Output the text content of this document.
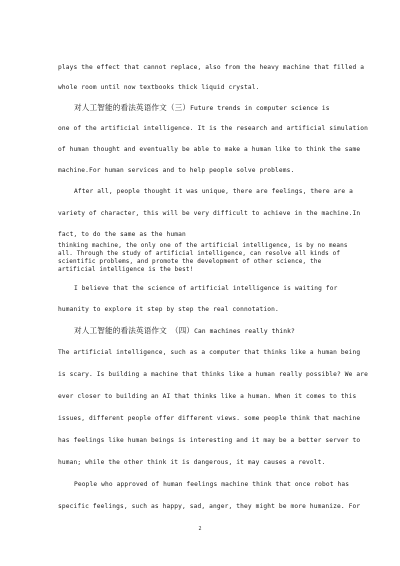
plays the effect that cannot replace, also from the heavy machine that filled a
whole room until now textbooks thick liquid crystal.
对人工智能的看法英语作文（三）Future trends in computer science is
one of the artificial intelligence. It is the research and artificial simulation
of human thought and eventually be able to make a human like to think the same
machine.For human services and to help people solve problems.
After all, people thought it was unique, there are feelings, there are a
variety of character, this will be very difficult to achieve in the machine.In
fact, to do the same as the human
thinking machine, the only one of the artificial intelligence, is by no means
all. Through the study of artificial intelligence, can resolve all kinds of
scientific problems, and promote the development of other science, the
artificial intelligence is the best!
I believe that the science of artificial intelligence is waiting for
humanity to explore it step by step the real connotation.
对人工智能的看法英语作文　（四）Can machines really think?
The artificial intelligence, such as a computer that thinks like a human being
is scary. Is building a machine that thinks like a human really possible? We are
ever closer to building an AI that thinks like a human. When it comes to this
issues, different people offer different views. some people think that machine
has feelings like human beings is interesting and it may be a better server to
human; while the other think it is dangerous, it may causes a revolt.
People who approved of human feelings machine think that once robot has
specific feelings, such as happy, sad, anger, they might be more humanize. For
2
